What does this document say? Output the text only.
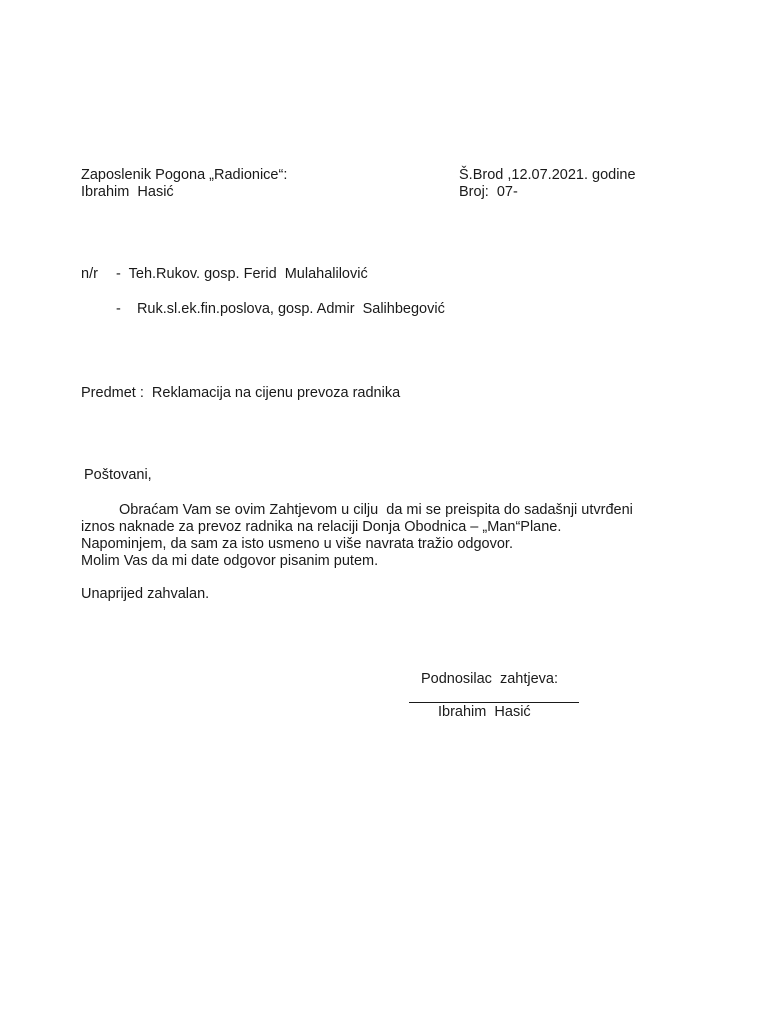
Zaposlenik Pogona „Radionice“:
Ibrahim  Hasić
Š.Brod ,12.07.2021. godine
Broj:  07-
n/r -  Teh.Rukov. gosp. Ferid  Mulahalilović
-    Ruk.sl.ek.fin.poslova, gosp. Admir  Salihbegović
Predmet :  Reklamacija na cijenu prevoza radnika
Poštovani,
Obraćam Vam se ovim Zahtjevom u cilju  da mi se preispita do sadašnji utvrđeni
iznos naknade za prevoz radnika na relaciji Donja Obodnica – „Man“Plane.
Napominjem, da sam za isto usmeno u više navrata tražio odgovor.
Molim Vas da mi date odgovor pisanim putem.
Unaprijed zahvalan.
Podnosilac  zahtjeva:
Ibrahim  Hasić
